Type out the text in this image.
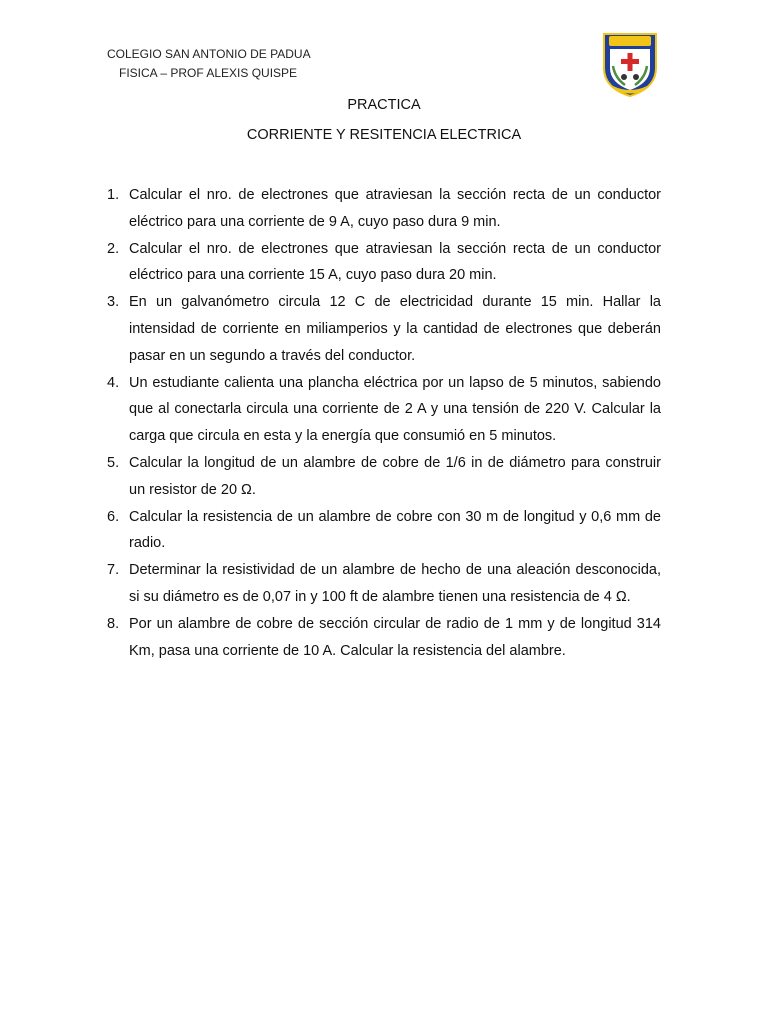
COLEGIO SAN ANTONIO DE PADUA
FISICA – PROF ALEXIS QUISPE
PRACTICA
CORRIENTE Y RESITENCIA ELECTRICA
1. Calcular el nro. de electrones que atraviesan la sección recta de un conductor eléctrico para una corriente de 9 A, cuyo paso dura 9 min.
2. Calcular el nro. de electrones que atraviesan la sección recta de un conductor eléctrico para una corriente 15 A, cuyo paso dura 20 min.
3. En un galvanómetro circula 12 C de electricidad durante 15 min. Hallar la intensidad de corriente en miliamperios y la cantidad de electrones que deberán pasar en un segundo a través del conductor.
4. Un estudiante calienta una plancha eléctrica por un lapso de 5 minutos, sabiendo que al conectarla circula una corriente de 2 A y una tensión de 220 V. Calcular la carga que circula en esta y la energía que consumió en 5 minutos.
5. Calcular la longitud de un alambre de cobre de 1/6 in de diámetro para construir un resistor de 20 Ω.
6. Calcular la resistencia de un alambre de cobre con 30 m de longitud y 0,6 mm de radio.
7. Determinar la resistividad de un alambre de hecho de una aleación desconocida, si su diámetro es de 0,07 in y 100 ft de alambre tienen una resistencia de 4 Ω.
8. Por un alambre de cobre de sección circular de radio de 1 mm y de longitud 314 Km, pasa una corriente de 10 A. Calcular la resistencia del alambre.
